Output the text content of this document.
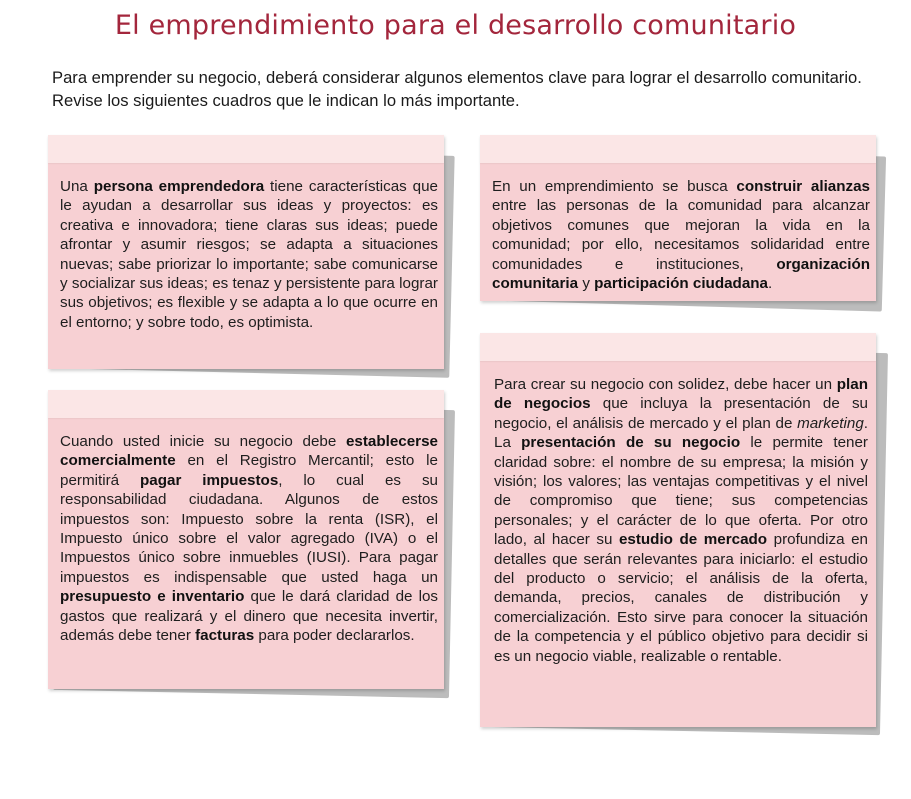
El emprendimiento para el desarrollo comunitario
Para emprender su negocio, deberá considerar algunos elementos clave para lograr el desarrollo comunitario. Revise los siguientes cuadros que le indican lo más importante.
Una persona emprendedora tiene características que le ayudan a desarrollar sus ideas y proyectos: es creativa e innovadora; tiene claras sus ideas; puede afrontar y asumir riesgos; se adapta a situaciones nuevas; sabe priorizar lo importante; sabe comunicarse y socializar sus ideas; es tenaz y persistente para lograr sus objetivos; es flexible y se adapta a lo que ocurre en el entorno; y sobre todo, es optimista.
En un emprendimiento se busca construir alianzas entre las personas de la comunidad para alcanzar objetivos comunes que mejoran la vida en la comunidad; por ello, necesitamos solidaridad entre comunidades e instituciones, organización comunitaria y participación ciudadana.
Cuando usted inicie su negocio debe establecerse comercialmente en el Registro Mercantil; esto le permitirá pagar impuestos, lo cual es su responsabilidad ciudadana. Algunos de estos impuestos son: Impuesto sobre la renta (ISR), el Impuesto único sobre el valor agregado (IVA) o el Impuestos único sobre inmuebles (IUSI). Para pagar impuestos es indispensable que usted haga un presupuesto e inventario que le dará claridad de los gastos que realizará y el dinero que necesita invertir, además debe tener facturas para poder declararlos.
Para crear su negocio con solidez, debe hacer un plan de negocios que incluya la presentación de su negocio, el análisis de mercado y el plan de marketing. La presentación de su negocio le permite tener claridad sobre: el nombre de su empresa; la misión y visión; los valores; las ventajas competitivas y el nivel de compromiso que tiene; sus competencias personales; y el carácter de lo que oferta. Por otro lado, al hacer su estudio de mercado profundiza en detalles que serán relevantes para iniciarlo: el estudio del producto o servicio; el análisis de la oferta, demanda, precios, canales de distribución y comercialización. Esto sirve para conocer la situación de la competencia y el público objetivo para decidir si es un negocio viable, realizable o rentable.
